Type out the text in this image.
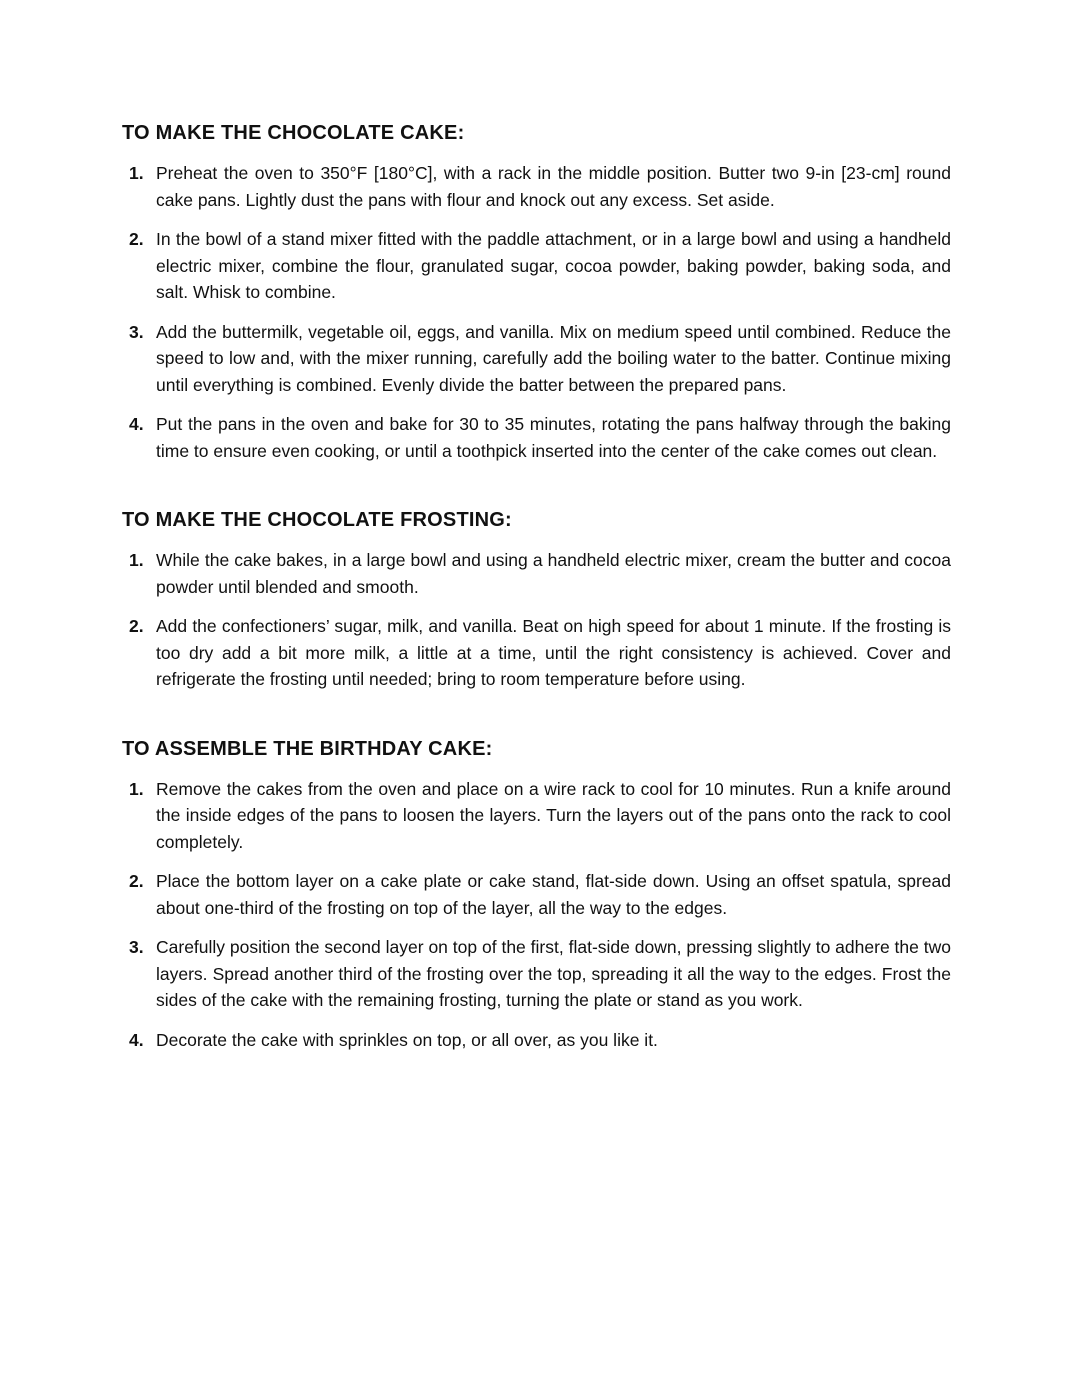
TO MAKE THE CHOCOLATE CAKE:
1. Preheat the oven to 350°F [180°C], with a rack in the middle position. Butter two 9-in [23-cm] round cake pans. Lightly dust the pans with flour and knock out any excess. Set aside.
2. In the bowl of a stand mixer fitted with the paddle attachment, or in a large bowl and using a handheld electric mixer, combine the flour, granulated sugar, cocoa powder, baking powder, baking soda, and salt. Whisk to combine.
3. Add the buttermilk, vegetable oil, eggs, and vanilla. Mix on medium speed until combined. Reduce the speed to low and, with the mixer running, carefully add the boiling water to the batter. Continue mixing until everything is combined. Evenly divide the batter between the prepared pans.
4. Put the pans in the oven and bake for 30 to 35 minutes, rotating the pans halfway through the baking time to ensure even cooking, or until a toothpick inserted into the center of the cake comes out clean.
TO MAKE THE CHOCOLATE FROSTING:
1. While the cake bakes, in a large bowl and using a handheld electric mixer, cream the butter and cocoa powder until blended and smooth.
2. Add the confectioners’ sugar, milk, and vanilla. Beat on high speed for about 1 minute. If the frosting is too dry add a bit more milk, a little at a time, until the right consistency is achieved. Cover and refrigerate the frosting until needed; bring to room temperature before using.
TO ASSEMBLE THE BIRTHDAY CAKE:
1. Remove the cakes from the oven and place on a wire rack to cool for 10 minutes. Run a knife around the inside edges of the pans to loosen the layers. Turn the layers out of the pans onto the rack to cool completely.
2. Place the bottom layer on a cake plate or cake stand, flat-side down. Using an offset spatula, spread about one-third of the frosting on top of the layer, all the way to the edges.
3. Carefully position the second layer on top of the first, flat-side down, pressing slightly to adhere the two layers. Spread another third of the frosting over the top, spreading it all the way to the edges. Frost the sides of the cake with the remaining frosting, turning the plate or stand as you work.
4. Decorate the cake with sprinkles on top, or all over, as you like it.
